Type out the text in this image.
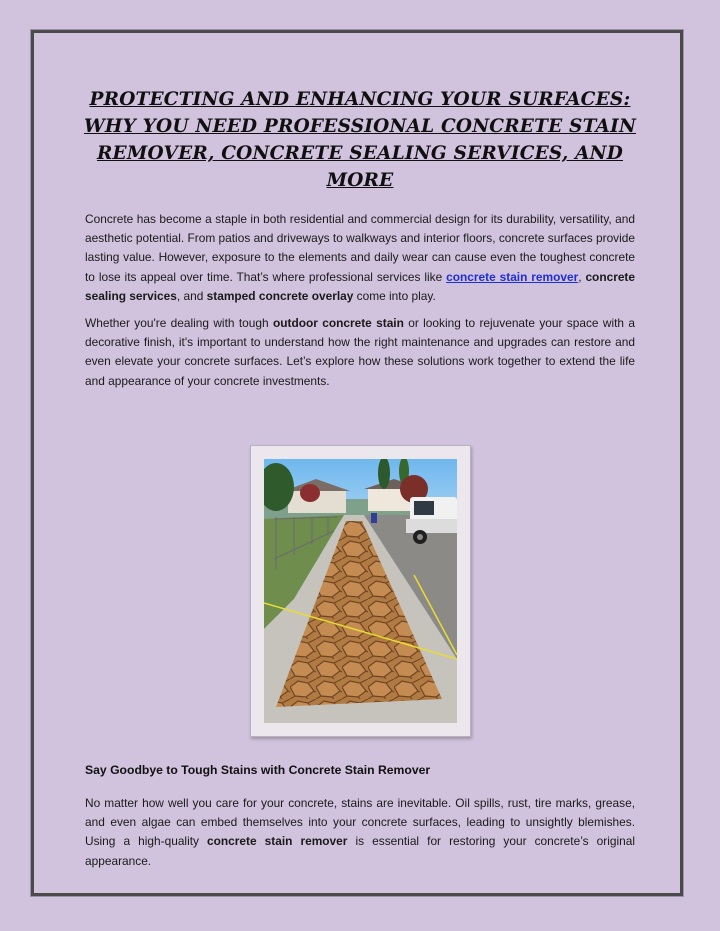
PROTECTING AND ENHANCING YOUR SURFACES: WHY YOU NEED PROFESSIONAL CONCRETE STAIN REMOVER, CONCRETE SEALING SERVICES, AND MORE
Concrete has become a staple in both residential and commercial design for its durability, versatility, and aesthetic potential. From patios and driveways to walkways and interior floors, concrete surfaces provide lasting value. However, exposure to the elements and daily wear can cause even the toughest concrete to lose its appeal over time. That’s where professional services like concrete stain remover, concrete sealing services, and stamped concrete overlay come into play.
Whether you're dealing with tough outdoor concrete stain or looking to rejuvenate your space with a decorative finish, it's important to understand how the right maintenance and upgrades can restore and even elevate your concrete surfaces. Let’s explore how these solutions work together to extend the life and appearance of your concrete investments.
Say Goodbye to Tough Stains with Concrete Stain Remover
No matter how well you care for your concrete, stains are inevitable. Oil spills, rust, tire marks, grease, and even algae can embed themselves into your concrete surfaces, leading to unsightly blemishes. Using a high-quality concrete stain remover is essential for restoring your concrete’s original appearance.
